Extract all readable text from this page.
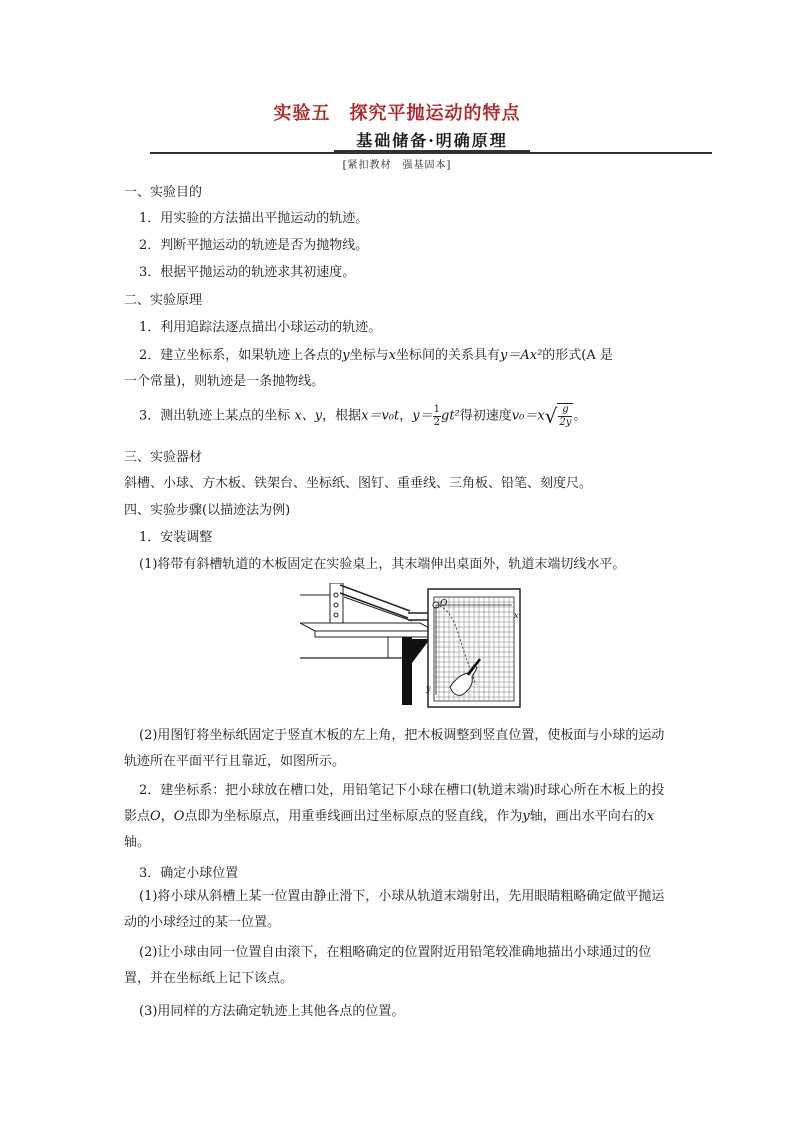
实验五　探究平抛运动的特点
基础储备·明确原理
[紧扣教材　强基固本]
一、实验目的
1．用实验的方法描出平抛运动的轨迹。
2．判断平抛运动的轨迹是否为抛物线。
3．根据平抛运动的轨迹求其初速度。
二、实验原理
1．利用追踪法逐点描出小球运动的轨迹。
2．建立坐标系，如果轨迹上各点的y坐标与x坐标间的关系具有y＝Ax²的形式(A 是
一个常量)，则轨迹是一条抛物线。
3．测出轨迹上某点的坐标 x、y，根据x＝v₀t，$y= \frac{1}{2} gt^2$得初速度$v_0=x√ \frac{g}{2y}$ 。
三、实验器材
斜槽、小球、方木板、铁架台、坐标纸、图钉、重垂线、三角板、铅笔、刻度尺。
四、实验步骤(以描迹法为例)
1．安装调整
(1)将带有斜槽轨道的木板固定在实验桌上，其末端伸出桌面外，轨道末端切线水平。
O
x
y
(2)用图钉将坐标纸固定于竖直木板的左上角，把木板调整到竖直位置，使板面与小球的运动轨迹所在平面平行且靠近，如图所示。
2．建坐标系：把小球放在槽口处，用铅笔记下小球在槽口(轨道末端)时球心所在木板上的投影点O，O点即为坐标原点，用重垂线画出过坐标原点的竖直线，作为y轴，画出水平向右的x轴。
3．确定小球位置
(1)将小球从斜槽上某一位置由静止滑下，小球从轨道末端射出，先用眼睛粗略确定做平抛运动的小球经过的某一位置。
(2)让小球由同一位置自由滚下，在粗略确定的位置附近用铅笔较准确地描出小球通过的位置，并在坐标纸上记下该点。
(3)用同样的方法确定轨迹上其他各点的位置。
